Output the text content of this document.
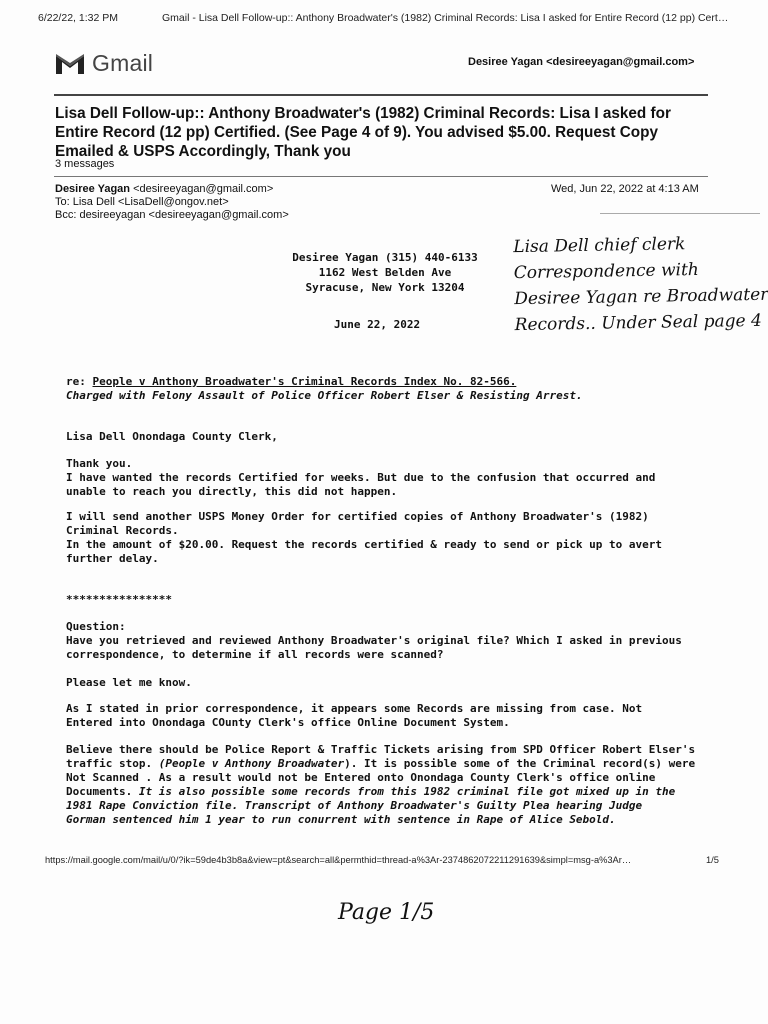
6/22/22, 1:32 PM	Gmail - Lisa Dell Follow-up:: Anthony Broadwater's (1982) Criminal Records: Lisa I asked for Entire Record (12 pp) Cert…
Gmail	Desiree Yagan <desireeyagan@gmail.com>
Lisa Dell Follow-up:: Anthony Broadwater's (1982) Criminal Records: Lisa I asked for
Entire Record (12 pp) Certified. (See Page 4 of 9). You advised $5.00. Request Copy
Emailed & USPS Accordingly, Thank you
3 messages
Desiree Yagan <desireeyagan@gmail.com>	Wed, Jun 22, 2022 at 4:13 AM
To: Lisa Dell <LisaDell@ongov.net>
Bcc: desireeyagan <desireeyagan@gmail.com>
Desiree Yagan (315) 440-6133
1162 West Belden Ave
Syracuse, New York 13204
June 22, 2022
Lisa Dell chief clerk
Correspondence with
Desiree Yagan re Broadwater
Records.. Under Seal page 4
re: People v Anthony Broadwater's Criminal Records Index No. 82-566.
Charged with Felony Assault of Police Officer Robert Elser & Resisting Arrest.
Lisa Dell Onondaga County Clerk,
Thank you.
I have wanted the records Certified for weeks. But due to the confusion that occurred and
unable to reach you directly, this did not happen.
I will send another USPS Money Order for certified copies of Anthony Broadwater's (1982)
Criminal Records.
In the amount of $20.00. Request the records certified & ready to send or pick up to avert
further delay.
****************
Question:
Have you retrieved and reviewed Anthony Broadwater's original file? Which I asked in previous
correspondence, to determine if all records were scanned?
Please let me know.
As I stated in prior correspondence, it appears some Records are missing from case. Not
Entered into Onondaga COunty Clerk's office Online Document System.
Believe there should be Police Report & Traffic Tickets arising from SPD Officer Robert Elser's
traffic stop. (People v Anthony Broadwater). It is possible some of the Criminal record(s) were
Not Scanned . As a result would not be Entered onto Onondaga County Clerk's office online
Documents. It is also possible some records from this 1982 criminal file got mixed up in the
1981 Rape Conviction file. Transcript of Anthony Broadwater's Guilty Plea hearing Judge
Gorman sentenced him 1 year to run conurrent with sentence in Rape of Alice Sebold.
https://mail.google.com/mail/u/0/?ik=59de4b3b8a&view=pt&search=all&permthid=thread-a%3Ar-2374862072211291639&simpl=msg-a%3Ar…	1/5
Page 1/5
